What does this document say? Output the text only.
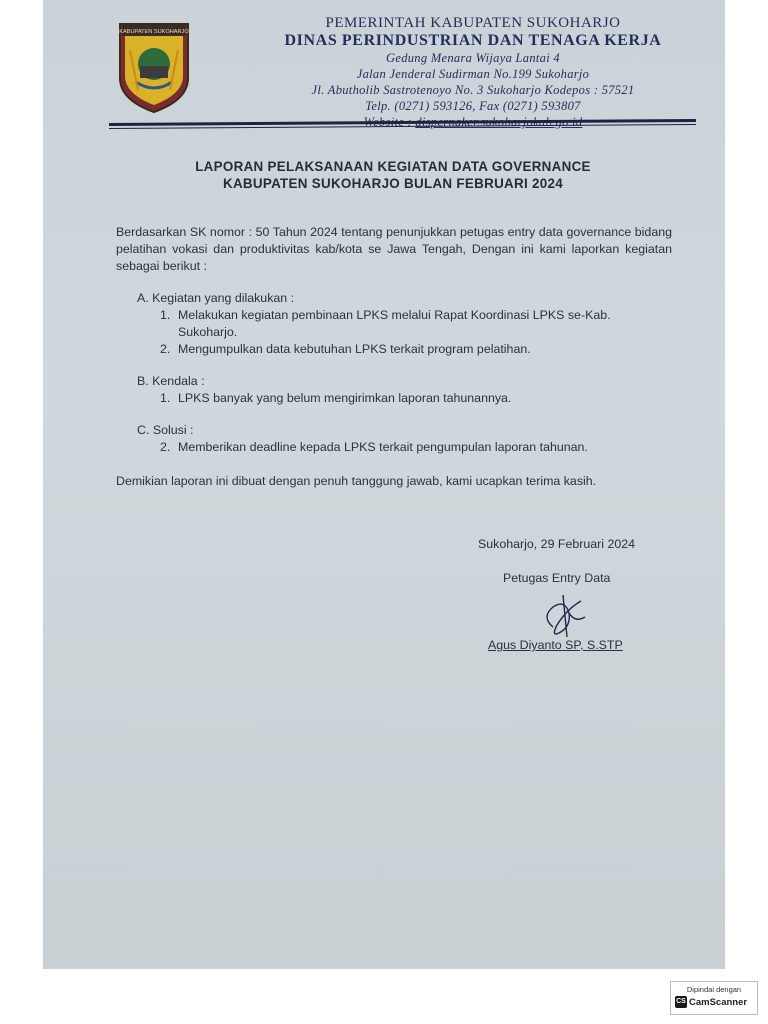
KABUPATEN SUKOHARJO
PEMERINTAH KABUPATEN SUKOHARJO
DINAS PERINDUSTRIAN DAN TENAGA KERJA
Gedung Menara Wijaya Lantai 4
Jalan Jenderal Sudirman No.199 Sukoharjo
Jl. Abutholib Sastrotenoyo No. 3 Sukoharjo Kodepos : 57521
Telp. (0271) 593126, Fax (0271) 593807
LAPORAN PELAKSANAAN KEGIATAN DATA GOVERNANCE
KABUPATEN SUKOHARJO BULAN FEBRUARI 2024

Berdasarkan SK nomor : 50 Tahun 2024 tentang penunjukkan petugas entry data governance bidang pelatihan vokasi dan produktivitas kab/kota se Jawa Tengah, Dengan ini kami laporkan kegiatan sebagai berikut :

A. Kegiatan yang dilakukan :
1. Melakukan kegiatan pembinaan LPKS melalui Rapat Koordinasi LPKS se-Kab. Sukoharjo.
2. Mengumpulkan data kebutuhan LPKS terkait program pelatihan.
B. Kendala :
1. LPKS banyak yang belum mengirimkan laporan tahunannya.
C. Solusi :
2. Memberikan deadline kepada LPKS terkait pengumpulan laporan tahunan.

Demikian laporan ini dibuat dengan penuh tanggung jawab, kami ucapkan terima kasih.

Sukoharjo, 29 Februari 2024
Petugas Entry Data
Agus Diyanto SP, S.STP
Dipindai dengan
CS CamScanner
